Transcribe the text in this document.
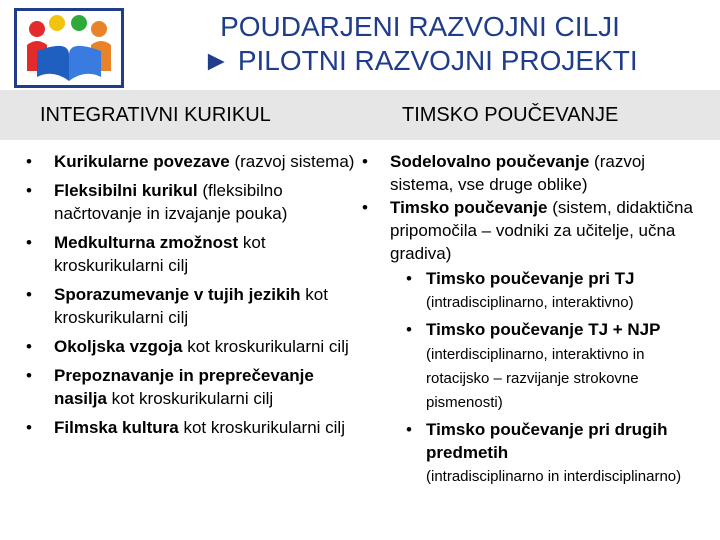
POUDARJENI RAZVOJNI CILJI
► PILOTNI RAZVOJNI PROJEKTI
INTEGRATIVNI KURIKUL	TIMSKO POUČEVANJE
• Kurikularne povezave (razvoj sistema)
• Fleksibilni kurikul (fleksibilno načrtovanje in izvajanje pouka)
• Medkulturna zmožnost kot kroskurikularni cilj
• Sporazumevanje v tujih jezikih kot kroskurikularni cilj
• Okoljska vzgoja kot kroskurikularni cilj
• Prepoznavanje in preprečevanje nasilja kot kroskurikularni cilj
• Filmska kultura kot kroskurikularni cilj
• Sodelovalno poučevanje (razvoj sistema, vse druge oblike)
• Timsko poučevanje (sistem, didaktična pripomočila – vodniki za učitelje, učna gradiva)
• Timsko poučevanje pri TJ
(intradisciplinarno, interaktivno)
• Timsko poučevanje TJ + NJP (interdisciplinarno, interaktivno in rotacijsko – razvijanje strokovne pismenosti)
• Timsko poučevanje pri drugih predmetih
(intradisciplinarno in interdisciplinarno)
